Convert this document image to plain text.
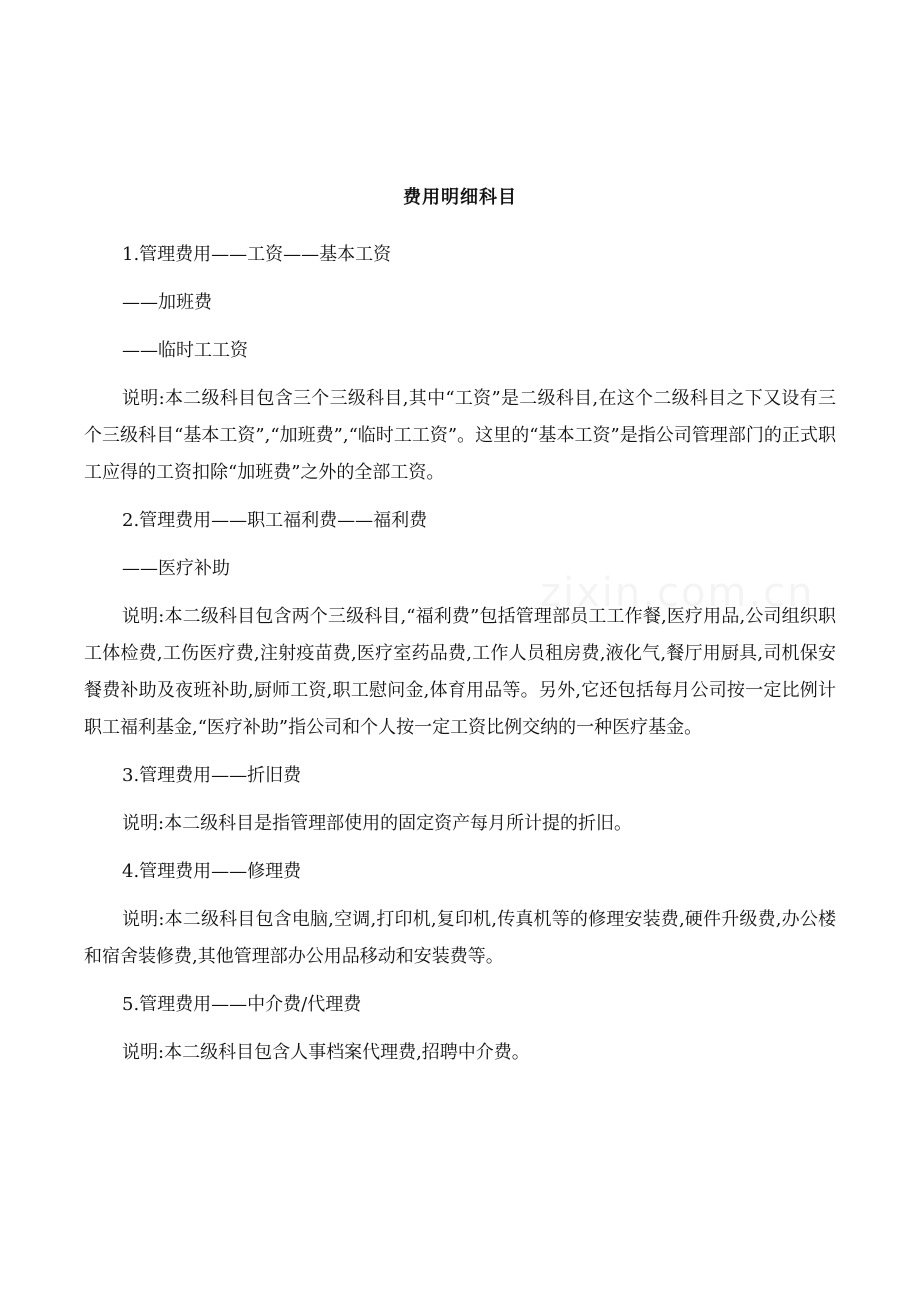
费用明细科目

1.管理费用——工资——基本工资

——加班费

——临时工工资

说明:本二级科目包含三个三级科目,其中“工资”是二级科目,在这个二级科目之下又设有三个三级科目“基本工资”,“加班费”,“临时工工资”。这里的“基本工资”是指公司管理部门的正式职工应得的工资扣除“加班费”之外的全部工资。

2.管理费用——职工福利费——福利费

——医疗补助

说明:本二级科目包含两个三级科目,“福利费”包括管理部员工工作餐,医疗用品,公司组织职工体检费,工伤医疗费,注射疫苗费,医疗室药品费,工作人员租房费,液化气,餐厅用厨具,司机保安餐费补助及夜班补助,厨师工资,职工慰问金,体育用品等。另外,它还包括每月公司按一定比例计职工福利基金,“医疗补助”指公司和个人按一定工资比例交纳的一种医疗基金。

3.管理费用——折旧费

说明:本二级科目是指管理部使用的固定资产每月所计提的折旧。

4.管理费用——修理费

说明:本二级科目包含电脑,空调,打印机,复印机,传真机等的修理安装费,硬件升级费,办公楼和宿舍装修费,其他管理部办公用品移动和安装费等。

5.管理费用——中介费/代理费

说明:本二级科目包含人事档案代理费,招聘中介费。
